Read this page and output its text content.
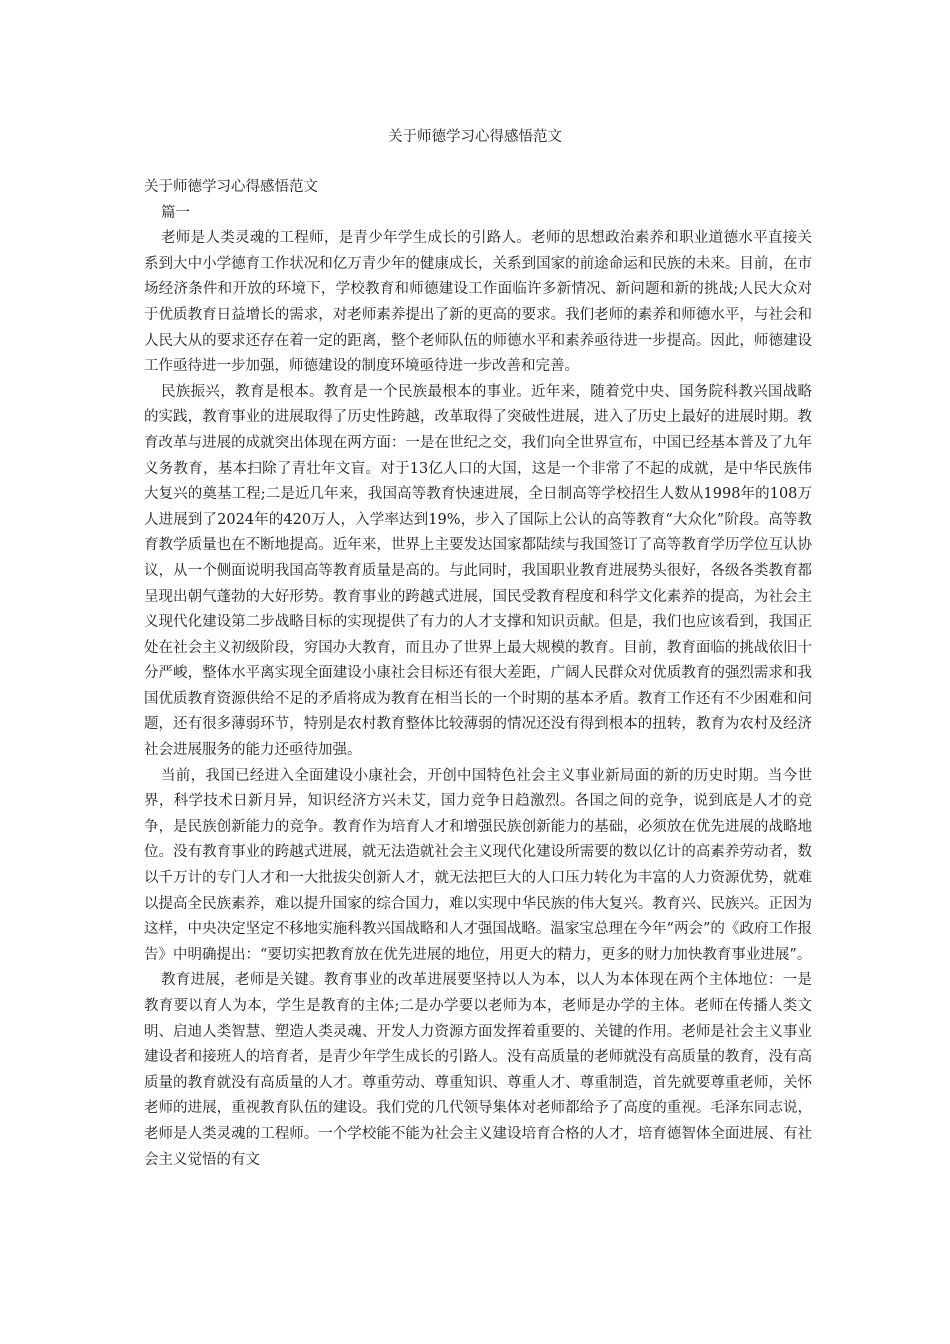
关于师德学习心得感悟范文

关于师德学习心得感悟范文

篇一

老师是人类灵魂的工程师，是青少年学生成长的引路人。老师的思想政治素养和职业道德水平直接关系到大中小学德育工作状况和亿万青少年的健康成长，关系到国家的前途命运和民族的未来。目前，在市场经济条件和开放的环境下，学校教育和师德建设工作面临许多新情况、新问题和新的挑战;人民大众对于优质教育日益增长的需求，对老师素养提出了新的更高的要求。我们老师的素养和师德水平，与社会和人民大从的要求还存在着一定的距离，整个老师队伍的师德水平和素养亟待进一步提高。因此，师德建设工作亟待进一步加强，师德建设的制度环境亟待进一步改善和完善。

民族振兴，教育是根本。教育是一个民族最根本的事业。近年来，随着党中央、国务院科教兴国战略的实践，教育事业的进展取得了历史性跨越，改革取得了突破性进展，进入了历史上最好的进展时期。教育改革与进展的成就突出体现在两方面：一是在世纪之交，我们向全世界宣布，中国已经基本普及了九年义务教育，基本扫除了青壮年文盲。对于13亿人口的大国，这是一个非常了不起的成就，是中华民族伟大复兴的奠基工程;二是近几年来，我国高等教育快速进展，全日制高等学校招生人数从1998年的108万人进展到了2024年的420万人，入学率达到19%，步入了国际上公认的高等教育“大众化”阶段。高等教育教学质量也在不断地提高。近年来，世界上主要发达国家都陆续与我国签订了高等教育学历学位互认协议，从一个侧面说明我国高等教育质量是高的。与此同时，我国职业教育进展势头很好，各级各类教育都呈现出朝气蓬勃的大好形势。教育事业的跨越式进展，国民受教育程度和科学文化素养的提高，为社会主义现代化建设第二步战略目标的实现提供了有力的人才支撑和知识贡献。但是，我们也应该看到，我国正处在社会主义初级阶段，穷国办大教育，而且办了世界上最大规模的教育。目前，教育面临的挑战依旧十分严峻，整体水平离实现全面建设小康社会目标还有很大差距，广阔人民群众对优质教育的强烈需求和我国优质教育资源供给不足的矛盾将成为教育在相当长的一个时期的基本矛盾。教育工作还有不少困难和问题，还有很多薄弱环节，特别是农村教育整体比较薄弱的情况还没有得到根本的扭转，教育为农村及经济社会进展服务的能力还亟待加强。

当前，我国已经进入全面建设小康社会，开创中国特色社会主义事业新局面的新的历史时期。当今世界，科学技术日新月异，知识经济方兴未艾，国力竞争日趋激烈。各国之间的竞争，说到底是人才的竞争，是民族创新能力的竞争。教育作为培育人才和增强民族创新能力的基础，必须放在优先进展的战略地位。没有教育事业的跨越式进展，就无法造就社会主义现代化建设所需要的数以亿计的高素养劳动者，数以千万计的专门人才和一大批拔尖创新人才，就无法把巨大的人口压力转化为丰富的人力资源优势，就难以提高全民族素养，难以提升国家的综合国力，难以实现中华民族的伟大复兴。教育兴、民族兴。正因为这样，中央决定坚定不移地实施科教兴国战略和人才强国战略。温家宝总理在今年“两会”的《政府工作报告》中明确提出：“要切实把教育放在优先进展的地位，用更大的精力，更多的财力加快教育事业进展”。

教育进展，老师是关键。教育事业的改革进展要坚持以人为本，以人为本体现在两个主体地位：一是教育要以育人为本，学生是教育的主体;二是办学要以老师为本，老师是办学的主体。老师在传播人类文明、启迪人类智慧、塑造人类灵魂、开发人力资源方面发挥着重要的、关键的作用。老师是社会主义事业建设者和接班人的培育者，是青少年学生成长的引路人。没有高质量的老师就没有高质量的教育，没有高质量的教育就没有高质量的人才。尊重劳动、尊重知识、尊重人才、尊重制造，首先就要尊重老师，关怀老师的进展，重视教育队伍的建设。我们党的几代领导集体对老师都给予了高度的重视。毛泽东同志说，老师是人类灵魂的工程师。一个学校能不能为社会主义建设培育合格的人才，培育德智体全面进展、有社会主义觉悟的有文
